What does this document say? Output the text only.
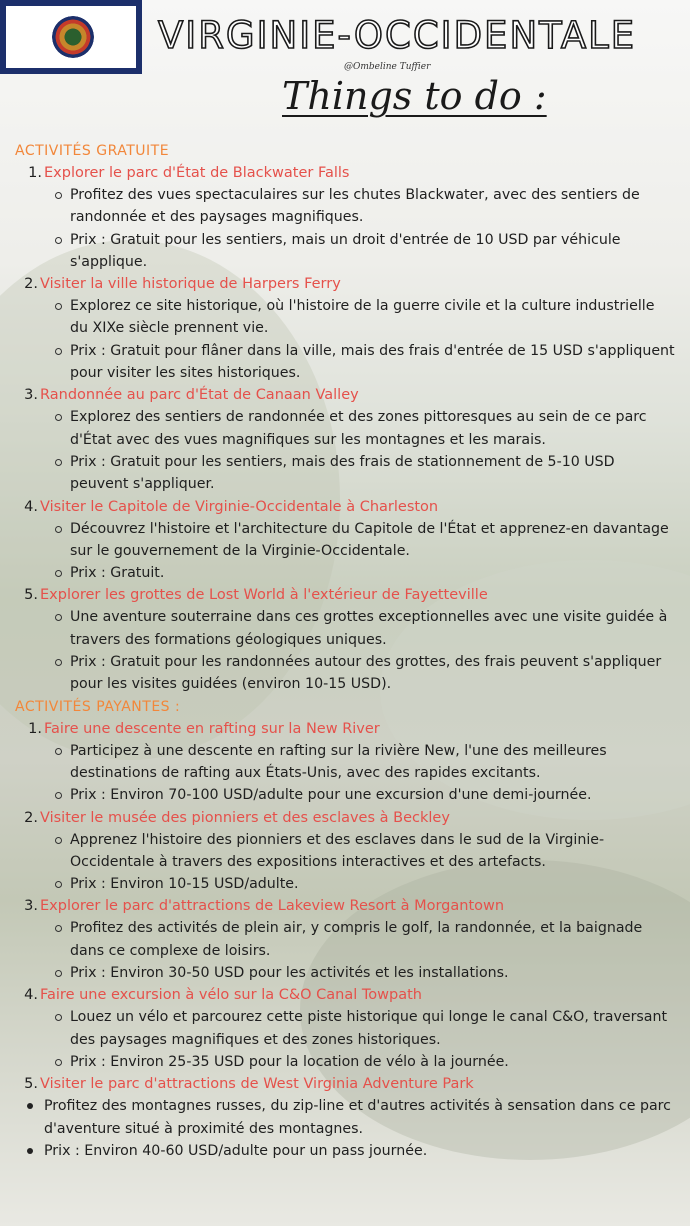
VIRGINIE-OCCIDENTALE
@Ombeline Tuffier
Things to do :
ACTIVITÉS GRATUITE
1. Explorer le parc d'État de Blackwater Falls
Profitez des vues spectaculaires sur les chutes Blackwater, avec des sentiers de randonnée et des paysages magnifiques.
Prix : Gratuit pour les sentiers, mais un droit d'entrée de 10 USD par véhicule s'applique.
2. Visiter la ville historique de Harpers Ferry
Explorez ce site historique, où l'histoire de la guerre civile et la culture industrielle du XIXe siècle prennent vie.
Prix : Gratuit pour flâner dans la ville, mais des frais d'entrée de 15 USD s'appliquent pour visiter les sites historiques.
3. Randonnée au parc d'État de Canaan Valley
Explorez des sentiers de randonnée et des zones pittoresques au sein de ce parc d'État avec des vues magnifiques sur les montagnes et les marais.
Prix : Gratuit pour les sentiers, mais des frais de stationnement de 5-10 USD peuvent s'appliquer.
4. Visiter le Capitole de Virginie-Occidentale à Charleston
Découvrez l'histoire et l'architecture du Capitole de l'État et apprenez-en davantage sur le gouvernement de la Virginie-Occidentale.
Prix : Gratuit.
5. Explorer les grottes de Lost World à l'extérieur de Fayetteville
Une aventure souterraine dans ces grottes exceptionnelles avec une visite guidée à travers des formations géologiques uniques.
Prix : Gratuit pour les randonnées autour des grottes, des frais peuvent s'appliquer pour les visites guidées (environ 10-15 USD).
ACTIVITÉS PAYANTES :
1. Faire une descente en rafting sur la New River
Participez à une descente en rafting sur la rivière New, l'une des meilleures destinations de rafting aux États-Unis, avec des rapides excitants.
Prix : Environ 70-100 USD/adulte pour une excursion d'une demi-journée.
2. Visiter le musée des pionniers et des esclaves à Beckley
Apprenez l'histoire des pionniers et des esclaves dans le sud de la Virginie-Occidentale à travers des expositions interactives et des artefacts.
Prix : Environ 10-15 USD/adulte.
3. Explorer le parc d'attractions de Lakeview Resort à Morgantown
Profitez des activités de plein air, y compris le golf, la randonnée, et la baignade dans ce complexe de loisirs.
Prix : Environ 30-50 USD pour les activités et les installations.
4. Faire une excursion à vélo sur la C&O Canal Towpath
Louez un vélo et parcourez cette piste historique qui longe le canal C&O, traversant des paysages magnifiques et des zones historiques.
Prix : Environ 25-35 USD pour la location de vélo à la journée.
5. Visiter le parc d'attractions de West Virginia Adventure Park
Profitez des montagnes russes, du zip-line et d'autres activités à sensation dans ce parc d'aventure situé à proximité des montagnes.
Prix : Environ 40-60 USD/adulte pour un pass journée.
